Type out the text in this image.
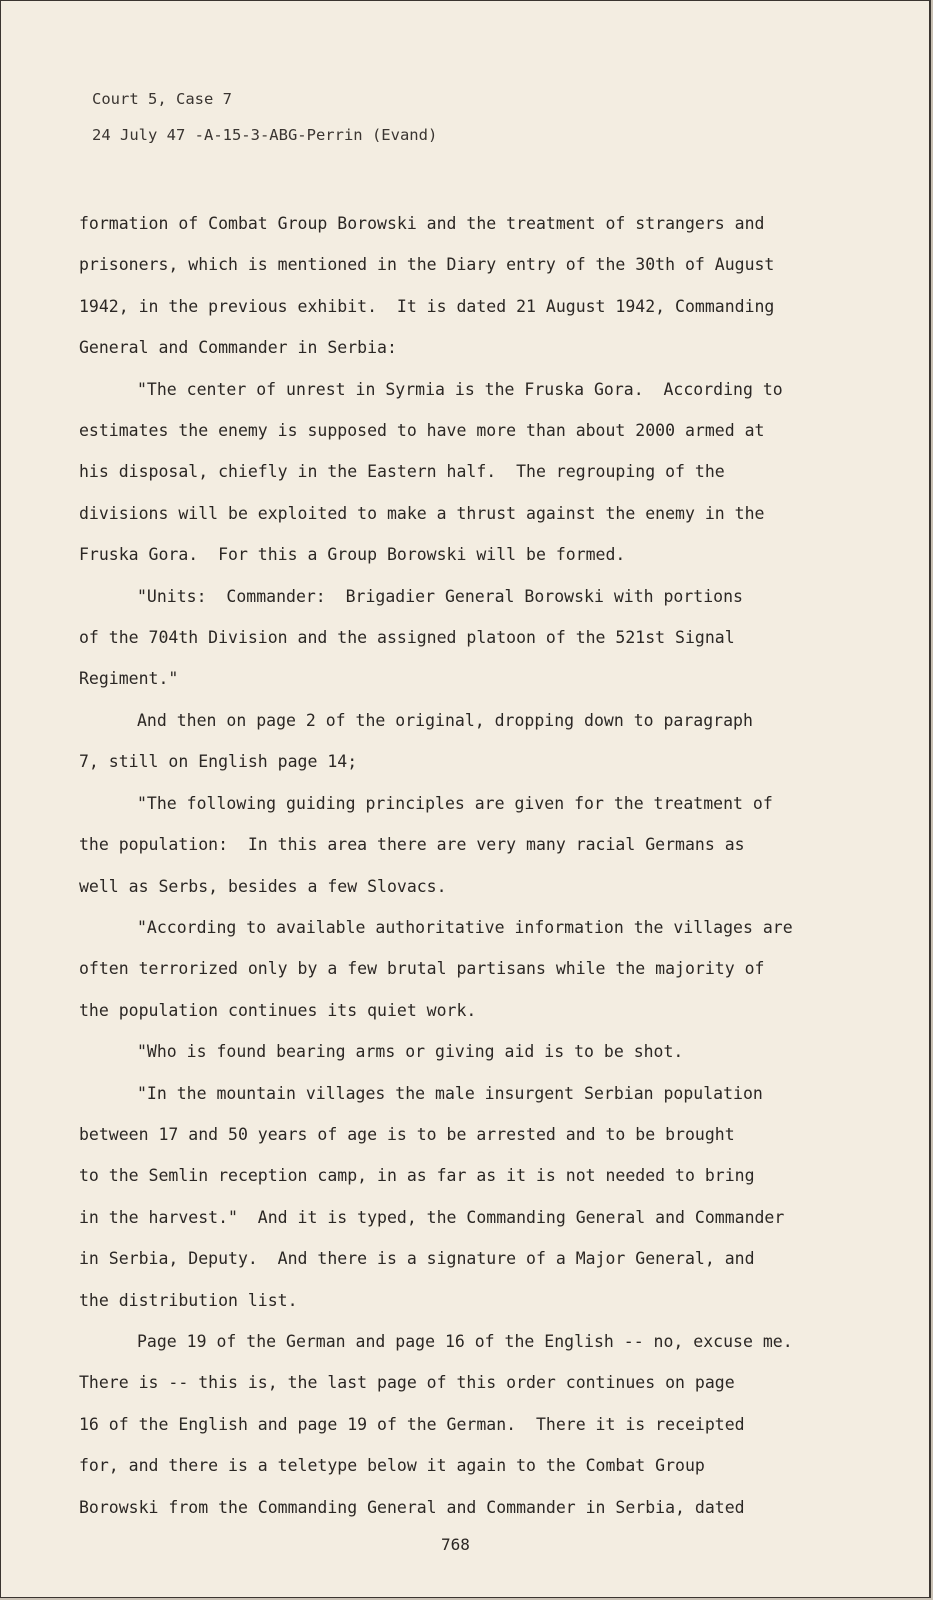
Court 5, Case 7
24 July 47 -A-15-3-ABG-Perrin (Evand)
formation of Combat Group Borowski and the treatment of strangers and
prisoners, which is mentioned in the Diary entry of the 30th of August
1942, in the previous exhibit.  It is dated 21 August 1942, Commanding
General and Commander in Serbia:
"The center of unrest in Syrmia is the Fruska Gora.  According to
estimates the enemy is supposed to have more than about 2000 armed at
his disposal, chiefly in the Eastern half.  The regrouping of the
divisions will be exploited to make a thrust against the enemy in the
Fruska Gora.  For this a Group Borowski will be formed.
"Units:  Commander:  Brigadier General Borowski with portions
of the 704th Division and the assigned platoon of the 521st Signal
Regiment."
And then on page 2 of the original, dropping down to paragraph
7, still on English page 14;
"The following guiding principles are given for the treatment of
the population:  In this area there are very many racial Germans as
well as Serbs, besides a few Slovacs.
"According to available authoritative information the villages are
often terrorized only by a few brutal partisans while the majority of
the population continues its quiet work.
"Who is found bearing arms or giving aid is to be shot.
"In the mountain villages the male insurgent Serbian population
between 17 and 50 years of age is to be arrested and to be brought
to the Semlin reception camp, in as far as it is not needed to bring
in the harvest."  And it is typed, the Commanding General and Commander
in Serbia, Deputy.  And there is a signature of a Major General, and
the distribution list.
Page 19 of the German and page 16 of the English -- no, excuse me.
There is -- this is, the last page of this order continues on page
16 of the English and page 19 of the German.  There it is receipted
for, and there is a teletype below it again to the Combat Group
Borowski from the Commanding General and Commander in Serbia, dated
768
